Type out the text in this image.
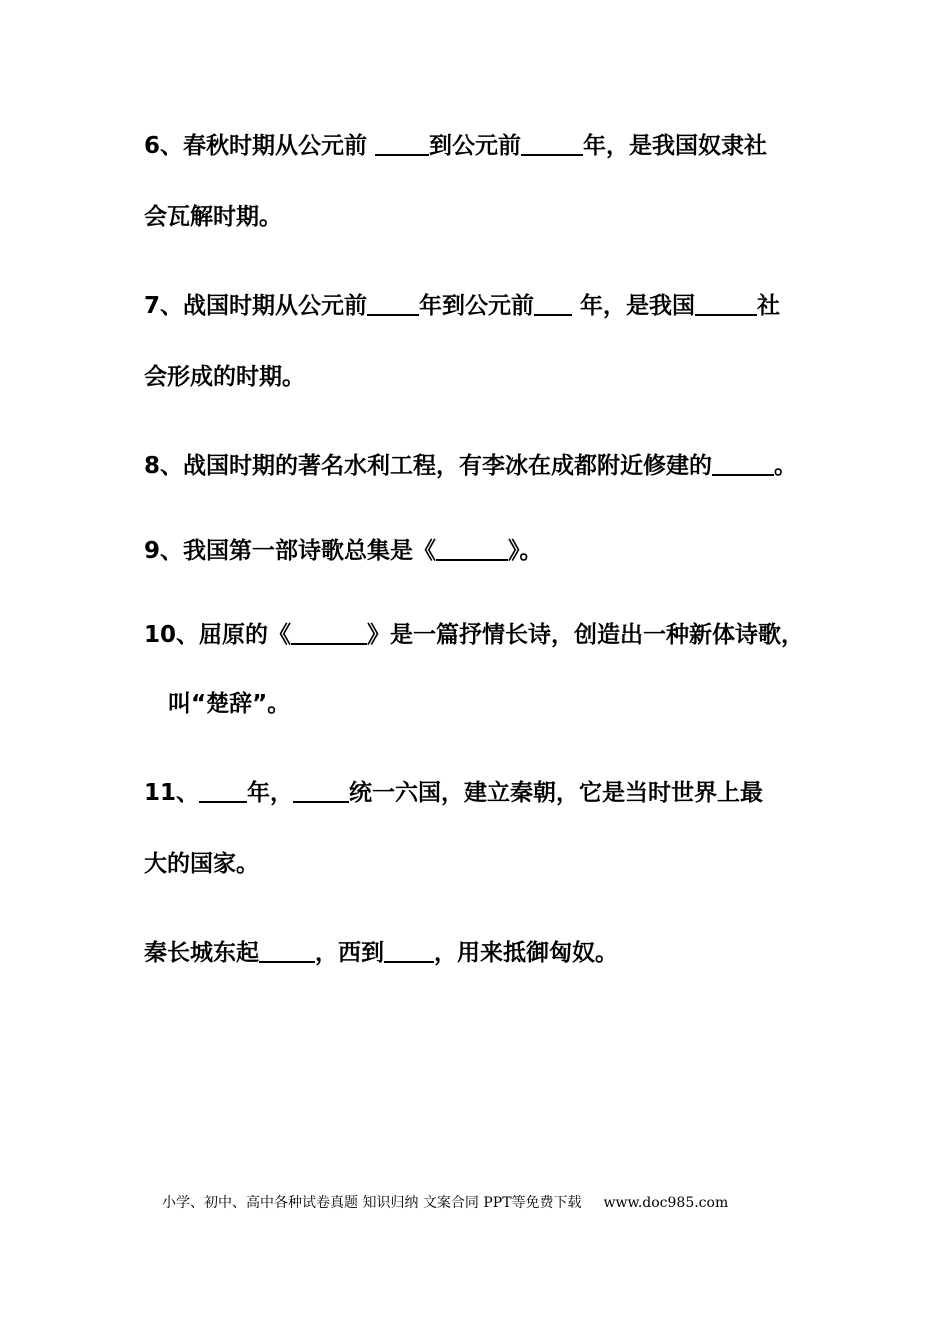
6、春秋时期从公元前 到公元前	年，是我国奴隶社
会瓦解时期。
7、战国时期从公元前 年到公元前 年，是我国	社
会形成的时期。
8、战国时期的著名水利工程，有李冰在成都附近修建的	。
9、我国第一部诗歌总集是《	》。
10、屈原的《	》是一篇抒情长诗，创造出一种新体诗歌，
叫“楚辞”。
11、 年， 统一六国，建立秦朝，它是当时世界上最
大的国家。
秦长城东起 ，西到 ，用来抵御匈奴。
小学、初中、高中各种试卷真题 知识归纳 文案合同 PPT等免费下载 www.doc985.com
